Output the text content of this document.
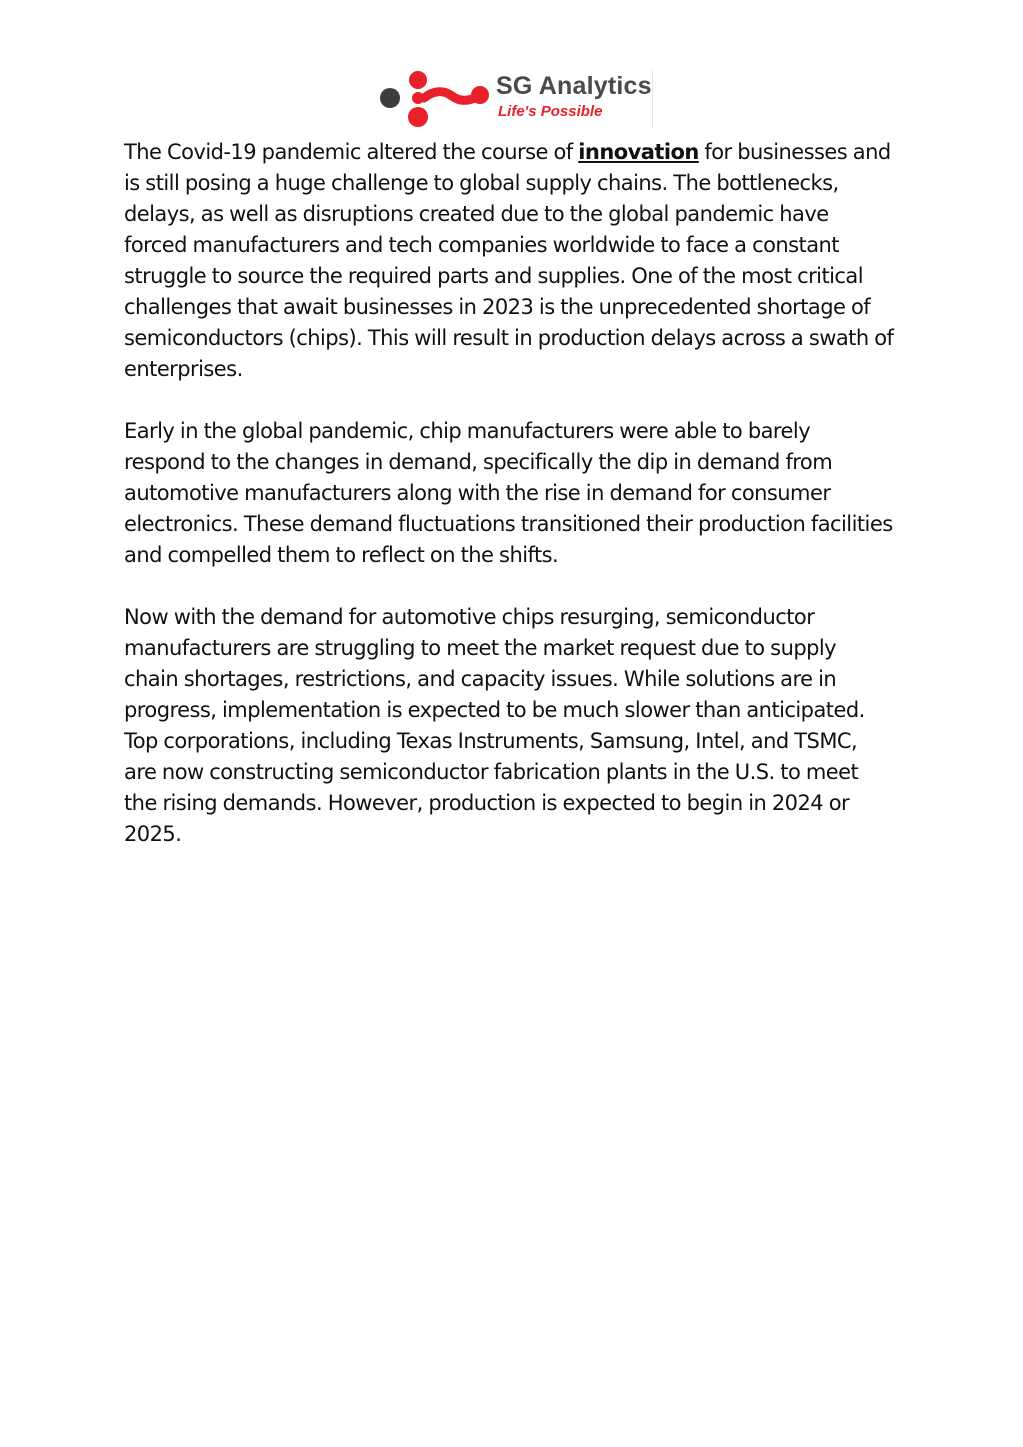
SG Analytics
Life's Possible

The Covid-19 pandemic altered the course of innovation for businesses and is still posing a huge challenge to global supply chains. The bottlenecks, delays, as well as disruptions created due to the global pandemic have forced manufacturers and tech companies worldwide to face a constant struggle to source the required parts and supplies. One of the most critical challenges that await businesses in 2023 is the unprecedented shortage of semiconductors (chips). This will result in production delays across a swath of enterprises.

Early in the global pandemic, chip manufacturers were able to barely respond to the changes in demand, specifically the dip in demand from automotive manufacturers along with the rise in demand for consumer electronics. These demand fluctuations transitioned their production facilities and compelled them to reflect on the shifts.

Now with the demand for automotive chips resurging, semiconductor manufacturers are struggling to meet the market request due to supply chain shortages, restrictions, and capacity issues. While solutions are in progress, implementation is expected to be much slower than anticipated. Top corporations, including Texas Instruments, Samsung, Intel, and TSMC, are now constructing semiconductor fabrication plants in the U.S. to meet the rising demands. However, production is expected to begin in 2024 or 2025.
